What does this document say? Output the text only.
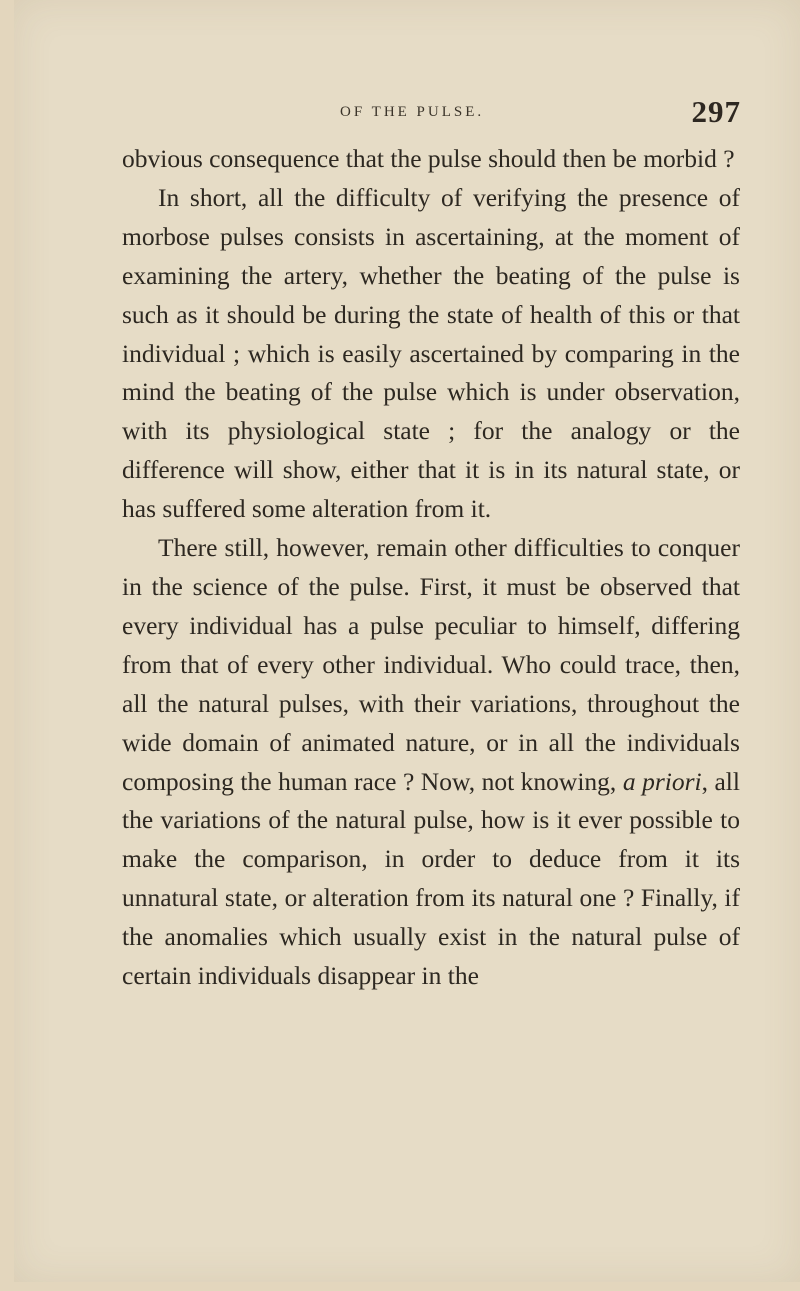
OF THE PULSE.	297

obvious consequence that the pulse should then be morbid ?

In short, all the difficulty of verifying the presence of morbose pulses consists in ascertaining, at the moment of examining the artery, whether the beating of the pulse is such as it should be during the state of health of this or that individual ; which is easily ascertained by comparing in the mind the beating of the pulse which is under observation, with its physiological state ; for the analogy or the difference will show, either that it is in its natural state, or has suffered some alteration from it.

There still, however, remain other difficulties to conquer in the science of the pulse. First, it must be observed that every individual has a pulse peculiar to himself, differing from that of every other individual. Who could trace, then, all the natural pulses, with their variations, throughout the wide domain of animated nature, or in all the individuals composing the human race ? Now, not knowing, a priori, all the variations of the natural pulse, how is it ever possible to make the comparison, in order to deduce from it its unnatural state, or alteration from its natural one ? Finally, if the anomalies which usually exist in the natural pulse of certain individuals disappear in the
